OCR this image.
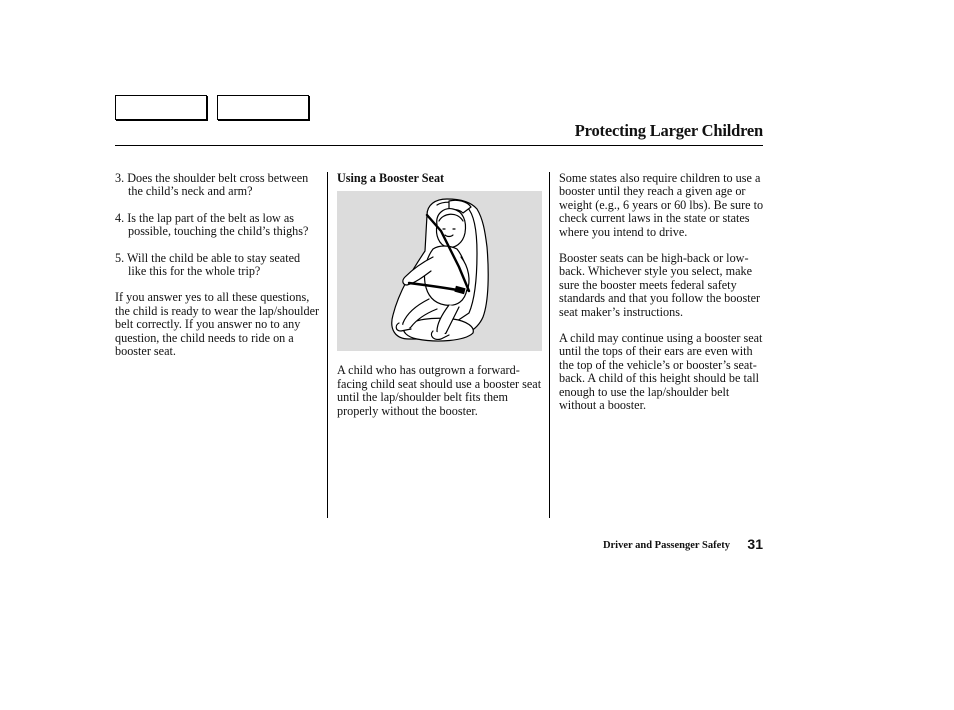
Protecting Larger Children

3. Does the shoulder belt cross between the child’s neck and arm?

4. Is the lap part of the belt as low as possible, touching the child’s thighs?

5. Will the child be able to stay seated like this for the whole trip?

If you answer yes to all these questions, the child is ready to wear the lap/shoulder belt correctly. If you answer no to any question, the child needs to ride on a booster seat.

Using a Booster Seat

A child who has outgrown a forward-facing child seat should use a booster seat until the lap/shoulder belt fits them properly without the booster.

Some states also require children to use a booster until they reach a given age or weight (e.g., 6 years or 60 lbs). Be sure to check current laws in the state or states where you intend to drive.

Booster seats can be high-back or low-back. Whichever style you select, make sure the booster meets federal safety standards and that you follow the booster seat maker’s instructions.

A child may continue using a booster seat until the tops of their ears are even with the top of the vehicle’s or booster’s seat-back. A child of this height should be tall enough to use the lap/shoulder belt without a booster.

Driver and Passenger Safety	31
